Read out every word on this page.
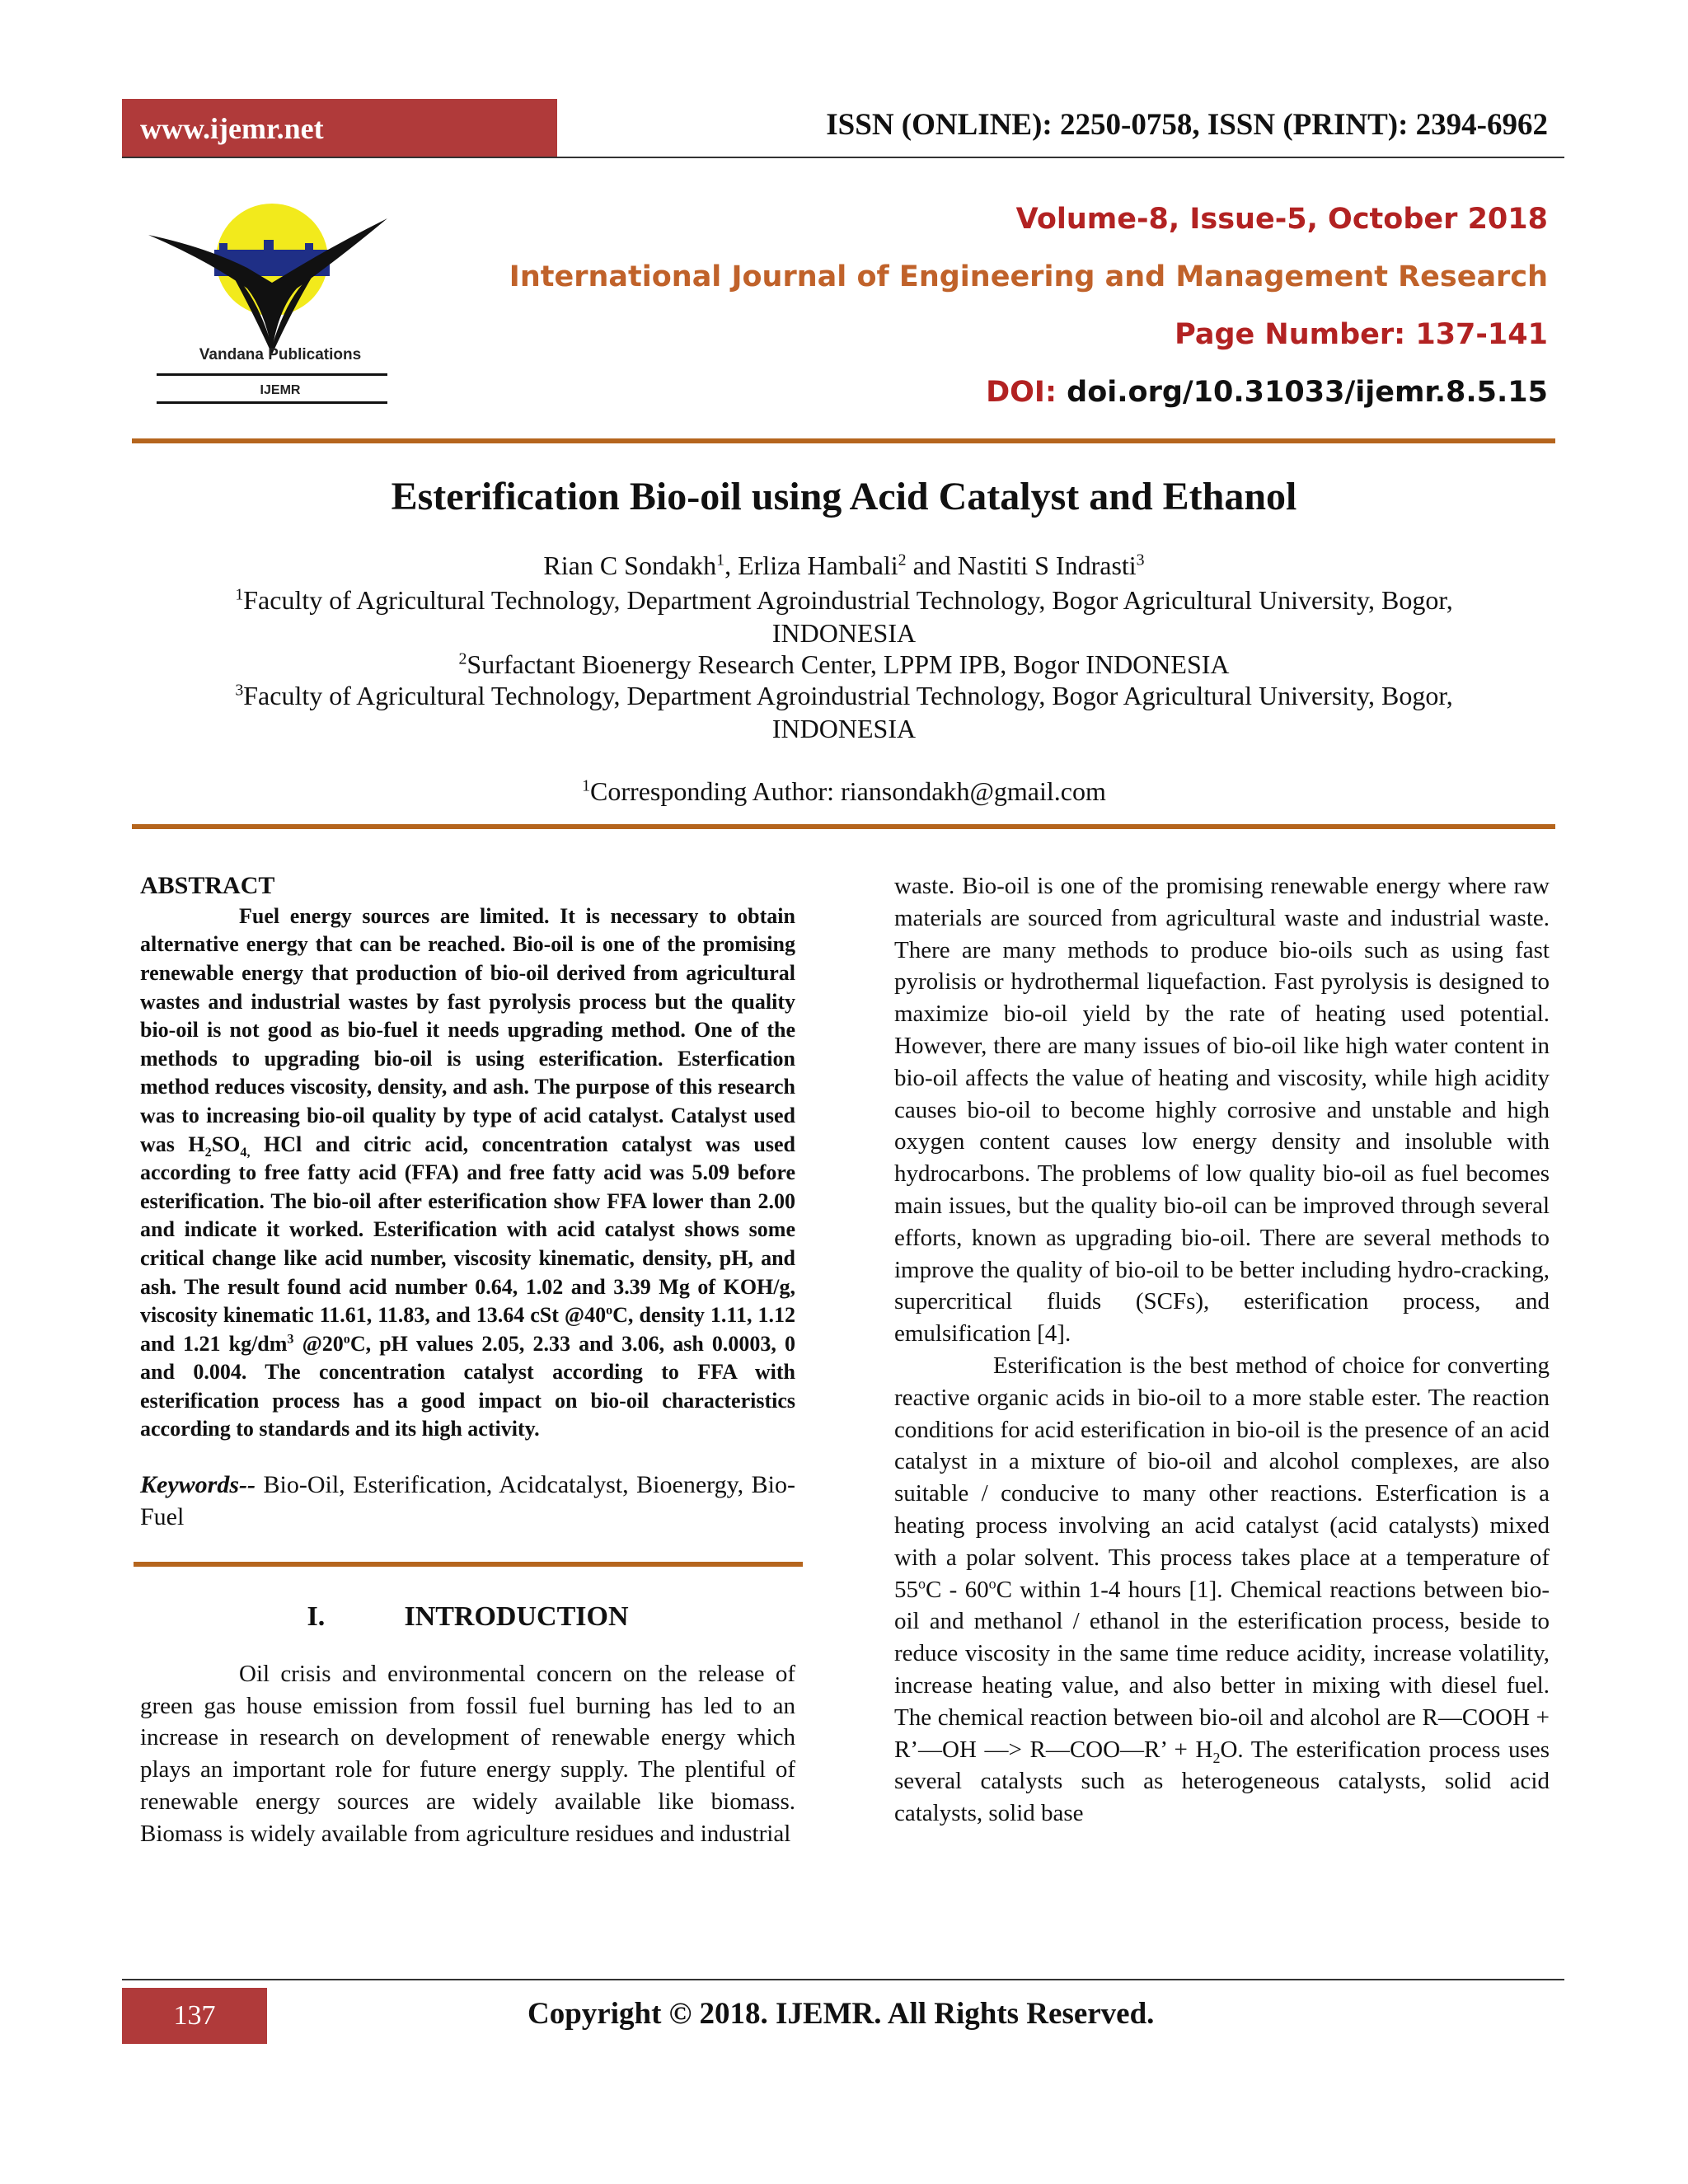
www.ijemr.net	ISSN (ONLINE): 2250-0758, ISSN (PRINT): 2394-6962
Vandana Publications
IJEMR
Volume-8, Issue-5, October 2018
International Journal of Engineering and Management Research
Page Number: 137-141
DOI: doi.org/10.31033/ijemr.8.5.15
Esterification Bio-oil using Acid Catalyst and Ethanol
Rian C Sondakh$^1$, Erliza Hambali$^2$ and Nastiti S Indrasti$^3$
$^1$Faculty of Agricultural Technology, Department Agroindustrial Technology, Bogor Agricultural University, Bogor,
INDONESIA
$^2$Surfactant Bioenergy Research Center, LPPM IPB, Bogor INDONESIA
$^3$Faculty of Agricultural Technology, Department Agroindustrial Technology, Bogor Agricultural University, Bogor,
INDONESIA
$^1$Corresponding Author: riansondakh@gmail.com
ABSTRACT
Fuel energy sources are limited. It is necessary to obtain alternative energy that can be reached. Bio-oil is one of the promising renewable energy that production of bio-oil derived from agricultural wastes and industrial wastes by fast pyrolysis process but the quality bio-oil is not good as bio-fuel it needs upgrading method. One of the methods to upgrading bio-oil is using esterification. Esterfication method reduces viscosity, density, and ash. The purpose of this research was to increasing bio-oil quality by type of acid catalyst. Catalyst used was $H_2SO_{4,}$ HCl and citric acid, concentration catalyst was used according to free fatty acid (FFA) and free fatty acid was 5.09 before esterification. The bio-oil after esterification show FFA lower than 2.00 and indicate it worked. Esterification with acid catalyst shows some critical change like acid number, viscosity kinematic, density, pH, and ash. The result found acid number 0.64, 1.02 and 3.39 Mg of KOH/g, viscosity kinematic 11.61, 11.83, and 13.64 cSt @40$^o$C, density 1.11, 1.12 and 1.21 $kg/dm^3$ @20$^o$C, pH values 2.05, 2.33 and 3.06, ash 0.0003, 0 and 0.004. The concentration catalyst according to FFA with esterification process has a good impact on bio-oil characteristics according to standards and its high activity.
Keywords-- Bio-Oil, Esterification, Acidcatalyst, Bioenergy, Bio-Fuel
I.	INTRODUCTION
Oil crisis and environmental concern on the release of green gas house emission from fossil fuel burning has led to an increase in research on development of renewable energy which plays an important role for future energy supply. The plentiful of renewable energy sources are widely available like biomass. Biomass is widely available from agriculture residues and industrial
waste. Bio-oil is one of the promising renewable energy where raw materials are sourced from agricultural waste and industrial waste. There are many methods to produce bio-oils such as using fast pyrolisis or hydrothermal liquefaction. Fast pyrolysis is designed to maximize bio-oil yield by the rate of heating used potential. However, there are many issues of bio-oil like high water content in bio-oil affects the value of heating and viscosity, while high acidity causes bio-oil to become highly corrosive and unstable and high oxygen content causes low energy density and insoluble with hydrocarbons. The problems of low quality bio-oil as fuel becomes main issues, but the quality bio-oil can be improved through several efforts, known as upgrading bio-oil. There are several methods to improve the quality of bio-oil to be better including hydro-cracking, supercritical fluids (SCFs), esterification process, and emulsification [4].
Esterification is the best method of choice for converting reactive organic acids in bio-oil to a more stable ester. The reaction conditions for acid esterification in bio-oil is the presence of an acid catalyst in a mixture of bio-oil and alcohol complexes, are also suitable / conducive to many other reactions. Esterfication is a heating process involving an acid catalyst (acid catalysts) mixed with a polar solvent. This process takes place at a temperature of 55$^o$C - 60$^o$C within 1-4 hours [1]. Chemical reactions between bio-oil and methanol / ethanol in the esterification process, beside to reduce viscosity in the same time reduce acidity, increase volatility, increase heating value, and also better in mixing with diesel fuel. The chemical reaction between bio-oil and alcohol are R—COOH + R’—OH —> R—COO—R’ + $H_2O$. The esterification process uses several catalysts such as heterogeneous catalysts, solid acid catalysts, solid base
137	Copyright © 2018. IJEMR. All Rights Reserved.
